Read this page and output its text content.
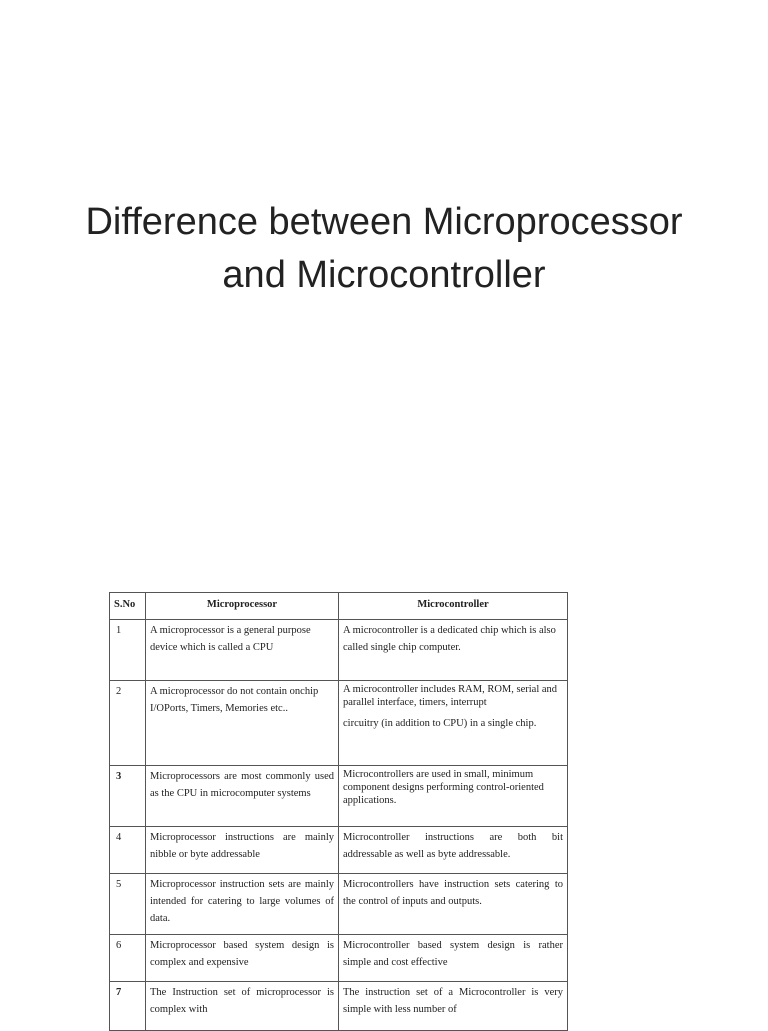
Difference between Microprocessor
and Microcontroller
S.No	Microprocessor	Microcontroller
1	A microprocessor is a general purpose device which is called a CPU	A microcontroller is a dedicated chip which is also called single chip computer.
2	A microprocessor do not contain onchip I/OPorts, Timers, Memories etc..	A microcontroller includes RAM, ROM, serial and parallel interface, timers, interrupt

circuitry (in addition to CPU) in a single chip.

3	Microprocessors are most commonly used as the CPU in microcomputer systems	Microcontrollers are used in small, minimum component designs performing control-oriented applications.
4	Microprocessor instructions are mainly nibble or byte addressable	Microcontroller instructions are both bit addressable as well as byte addressable.
5	Microprocessor instruction sets are mainly intended for catering to large volumes of data.	Microcontrollers have instruction sets catering to the control of inputs and outputs.
6	Microprocessor based system design is complex and expensive	Microcontroller based system design is rather simple and cost effective
7	The Instruction set of microprocessor is complex with	The instruction set of a Microcontroller is very simple with less number of
